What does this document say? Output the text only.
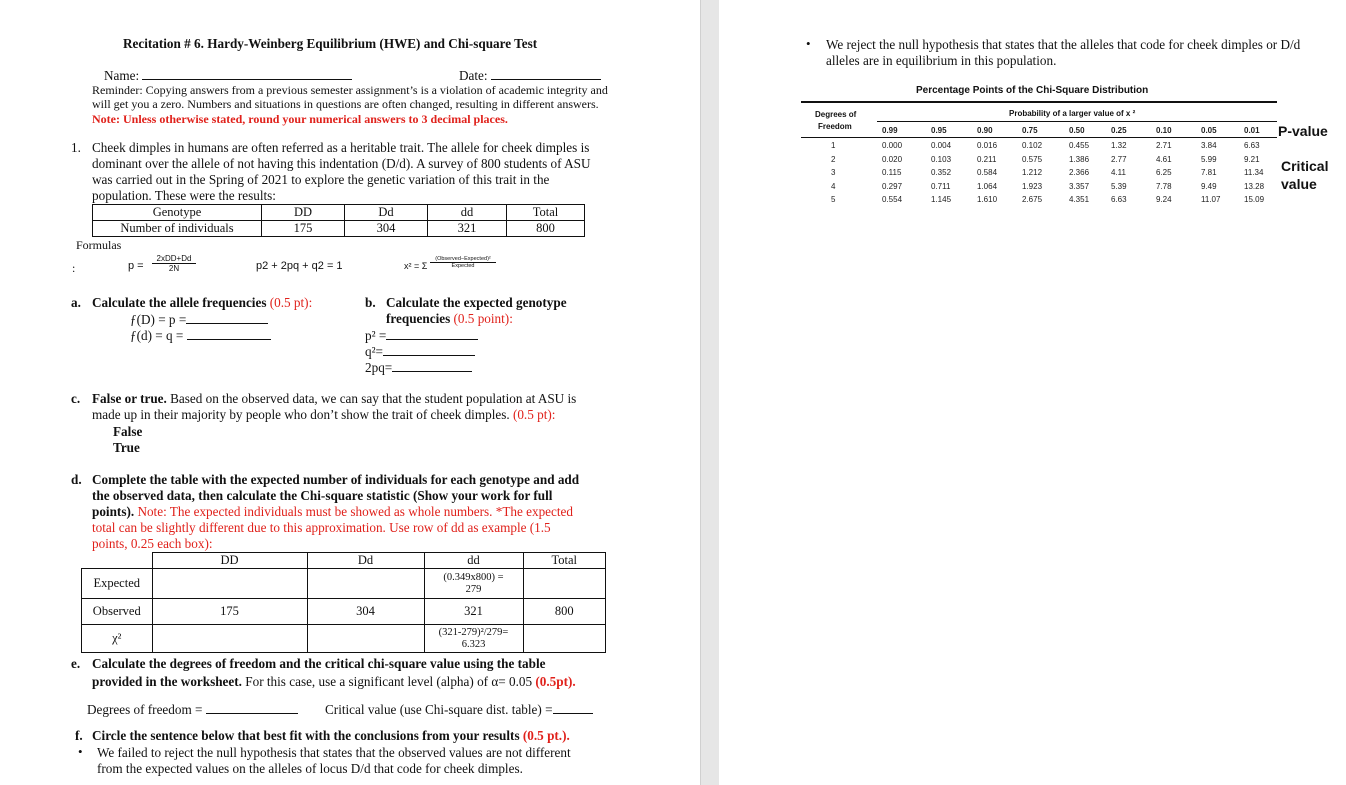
Recitation # 6. Hardy-Weinberg Equilibrium (HWE) and Chi-square Test
Name:	Date:
Reminder: Copying answers from a previous semester assignment’s is a violation of academic integrity and
will get you a zero. Numbers and situations in questions are often changed, resulting in different answers.
Note: Unless otherwise stated, round your numerical answers to 3 decimal places.
1. Cheek dimples in humans are often referred as a heritable trait. The allele for cheek dimples is
dominant over the allele of not having this indentation (D/d). A survey of 800 students of ASU
was carried out in the Spring of 2021 to explore the genetic variation of this trait in the
population. These were the results:
Genotype	DD	Dd	dd	Total
Number of individuals	175	304	321	800
Formulas
:	p =
2xDD+Dd
2N	p2 + 2pq + q2 = 1	x² = Σ
(Observed−Expected)²
Expected
a. Calculate the allele frequencies (0.5 pt):
ƒ(D) = p =
ƒ(d) = q =
b. Calculate the expected genotype
frequencies (0.5 point):
p² =
q²=
2pq=
c. False or true. Based on the observed data, we can say that the student population at ASU is
made up in their majority by people who don’t show the trait of cheek dimples. (0.5 pt):
False
True
d. Complete the table with the expected number of individuals for each genotype and add
the observed data, then calculate the Chi-square statistic (Show your work for full
points). Note: The expected individuals must be showed as whole numbers. *The expected
total can be slightly different due to this approximation. Use row of dd as example (1.5
points, 0.25 each box):
	DD	Dd	dd	Total
Expected			(0.349x800) =
279	

Observed	175	304	321	800
χ²			(321-279)²/279=
6.323	

e. Calculate the degrees of freedom and the critical chi-square value using the table
provided in the worksheet. For this case, use a significant level (alpha) of α= 0.05 (0.5pt).
Degrees of freedom =	Critical value (use Chi-square dist. table) =
f. Circle the sentence below that best fit with the conclusions from your results (0.5 pt.).
• We failed to reject the null hypothesis that states that the observed values are not different
from the expected values on the alleles of locus D/d that code for cheek dimples.
• We reject the null hypothesis that states that the alleles that code for cheek dimples or D/d
alleles are in equilibrium in this population.
Percentage Points of the Chi-Square Distribution
Degrees of
Freedom
Probability of a larger value of x ²
0.99	0.95	0.90	0.75	0.50	0.25	0.10	0.05	0.01
1	0.000	0.004	0.016	0.102	0.455	1.32	2.71	3.84	6.63
2	0.020	0.103	0.211	0.575	1.386	2.77	4.61	5.99	9.21
3	0.115	0.352	0.584	1.212	2.366	4.11	6.25	7.81	11.34
4	0.297	0.711	1.064	1.923	3.357	5.39	7.78	9.49	13.28
5	0.554	1.145	1.610	2.675	4.351	6.63	9.24	11.07	15.09
P-value
Critical
value
